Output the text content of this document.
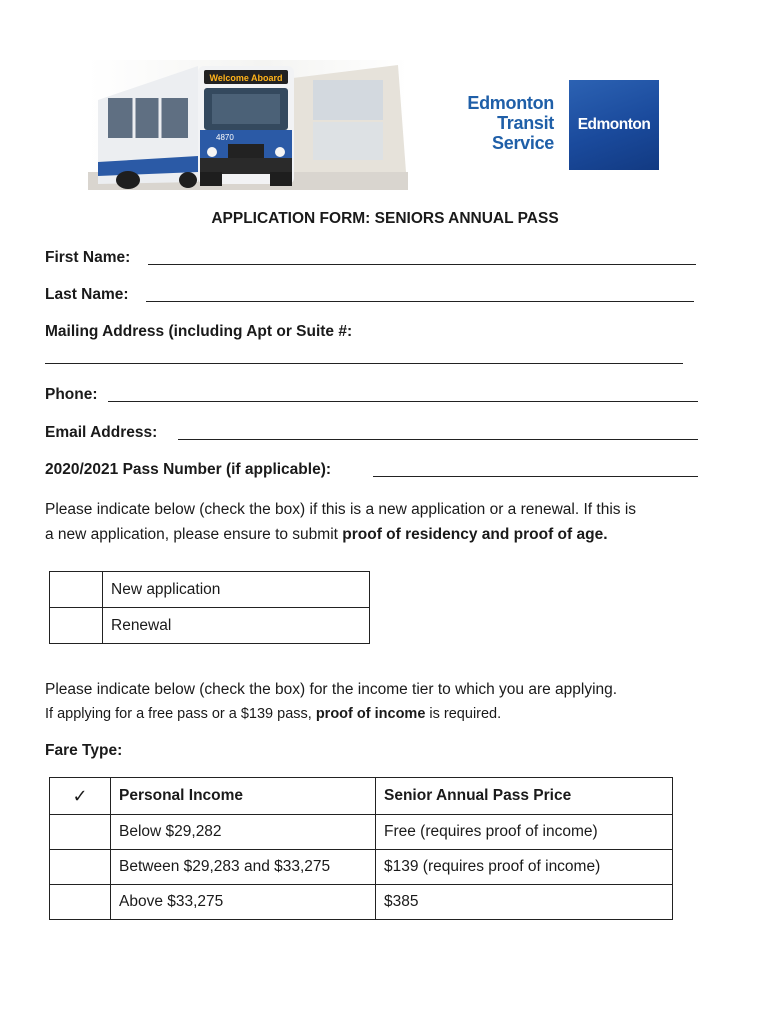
Welcome Aboard
4870
Edmonton
Transit
Service
Edmonton
APPLICATION FORM: SENIORS ANNUAL PASS
First Name:
Last Name:
Mailing Address (including Apt or Suite #:
Phone:
Email Address:
2020/2021 Pass Number (if applicable):
Please indicate below (check the box) if this is a new application or a renewal. If this is
a new application, please ensure to submit proof of residency and proof of age.
	New application
	Renewal
Please indicate below (check the box) for the income tier to which you are applying.
If applying for a free pass or a $139 pass, proof of income is required.
Fare Type:
✓	Personal Income	Senior Annual Pass Price
	Below $29,282	Free (requires proof of income)
	Between $29,283 and $33,275	$139 (requires proof of income)
	Above $33,275	$385
